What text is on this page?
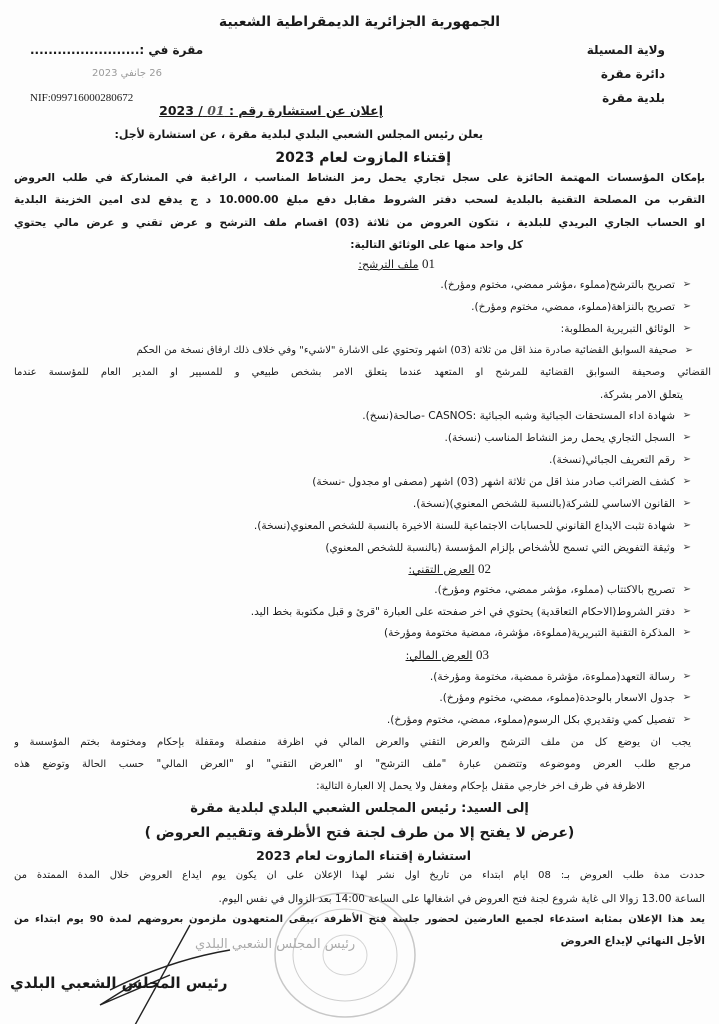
الجمهورية الجزائرية الديمقراطية الشعبية
ولاية المسيلة
دائرة مقرة
بلدية مقرة
مقرة في :........................
26 جانفي 2023
NIF:099716000280672
إعلان عن استشارة رقم : 01 / 2023
يعلن رئيس المجلس الشعبي البلدي لبلدية مقرة ، عن استشارة لأجل:
إقتناء المازوت لعام 2023
بإمكان المؤسسات المهتمة الحائزة على سجل تجاري يحمل رمز النشاط المناسب ، الراغبة في المشاركة في طلب العروض
التقرب من المصلحة التقنية بالبلدية لسحب دفتر الشروط مقابل دفع مبلغ 10.000.00 د ج يدفع لدى امين الخزينة البلدية
او الحساب الجاري البريدي للبلدية ، تتكون العروض من ثلاثة (03) اقسام ملف الترشح و عرض تقني و عرض مالي يحتوي
كل واحد منها على الوثائق التالية:
01 ملف الترشح:
➢
تصريح بالترشح(مملوء ،مؤشر ممضي، مختوم ومؤرخ).
➢
تصريح بالنزاهة(مملوء، ممضي، مختوم ومؤرخ).
➢
الوثائق التبريرية المطلوبة:
➢
صحيفة السوابق القضائية صادرة منذ اقل من ثلاثة (03) اشهر وتحتوي على الاشارة "لاشيء" وفي خلاف ذلك ارفاق نسخة من الحكم
القضائي وصحيفة السوابق القضائية للمرشح او المتعهد عندما يتعلق الامر بشخص طبيعي و للمسيير او المدير العام للمؤسسة عندما
يتعلق الامر بشركة.
➢
شهادة اداء المستحقات الجبائية وشبه الجبائية :CASNOS -صالحة(نسخ).
➢
السجل التجاري يحمل رمز النشاط المناسب (نسخة).
➢
رقم التعريف الجبائي(نسخة).
➢
كشف الضرائب صادر منذ اقل من ثلاثة اشهر (03) اشهر (مصفى او مجدول -نسخة)
➢
القانون الاساسي للشركة(بالنسبة للشخص المعنوي)(نسخة).
➢
شهادة تثبت الايداع القانوني للحسابات الاجتماعية للسنة الاخيرة بالنسبة للشخص المعنوي(نسخة).
➢
وثيقة التفويض التي تسمح للأشخاص بإلزام المؤسسة (بالنسبة للشخص المعنوي)
02 العرض التقني:
➢
تصريح بالاكتتاب (مملوء، مؤشر ممضي، مختوم ومؤرخ).
➢
دفتر الشروط(الاحكام التعاقدية) يحتوي في اخر صفحته على العبارة "قرئ و قبل مكتوبة بخط اليد.
➢
المذكرة التقنية التبريرية(مملوءة، مؤشرة، ممضية مختومة ومؤرخة)
03 العرض المالي:
➢
رسالة التعهد(مملوءة، مؤشرة ممضية، مختومة ومؤرخة).
➢
جدول الاسعار بالوحدة(مملوء، ممضي، مختوم ومؤرخ).
➢
تفصيل كمي وتقديري بكل الرسوم(مملوء، ممضي، مختوم ومؤرخ).
يجب ان يوضع كل من ملف الترشح والعرض التقني والعرض المالي في اظرفة منفصلة ومقفلة بإحكام ومختومة بختم المؤسسة و
مرجع طلب العرض وموضوعه وتتضمن عبارة "ملف الترشح" او "العرض التقني" او "العرض المالي" حسب الحالة وتوضع هذه
الاظرفة في ظرف اخر خارجي مقفل بإحكام ومغفل ولا يحمل إلا العبارة التالية:
إلى السيد: رئيس المجلس الشعبي البلدي لبلدية مقرة
(عرض لا يفتح إلا من طرف لجنة فتح الأظرفة وتقييم العروض )
استشارة إقتناء المازوت لعام 2023
حددت مدة طلب العروض بـ: 08 ايام ابتداء من تاريخ اول نشر لهذا الإعلان على ان يكون يوم ايداع العروض خلال المدة الممتدة من
الساعة 13.00 زوالا الى غاية شروع لجنة فتح العروض في اشغالها على الساعة 14:00 بعد الزوال في نفس اليوم.
يعد هذا الإعلان بمثابة استدعاء لجميع العارضين لحضور جلسة فتح الأظرفة ،يبقى المتعهدون ملزمون بعروضهم لمدة 90 يوم ابتداء من
الأجل النهائي لإيداع العروض
رئيس المجلس الشعبي البلدي
رئيس المجلس الشعبي البلدي
